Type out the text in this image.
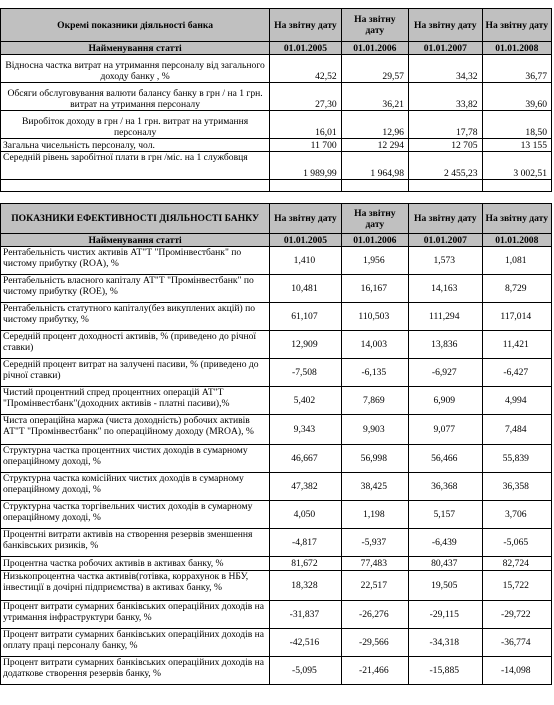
Окремі показники діяльності банка	На звітну дату	На звітну дату	На звітну дату	На звітну дату
Найменування статті	01.01.2005	01.01.2006	01.01.2007	01.01.2008
Відносна частка витрат на утримання персоналу від загального доходу банку , %	42,52	29,57	34,32	36,77
Обсяги обслуговування валюти балансу банку в грн / на 1 грн. витрат на утримання персоналу	27,30	36,21	33,82	39,60
Виробіток доходу в грн / на 1 грн. витрат на утримання персоналу	16,01	12,96	17,78	18,50
Загальна чисельність персоналу, чол.	11 700	12 294	12 705	13 155
Середній рівень заробітної плати в грн /міс. на 1 службовця	1 989,99	1 964,98	2 455,23	3 002,51

ПОКАЗНИКИ ЕФЕКТИВНОСТІ ДІЯЛЬНОСТІ БАНКУ	На звітну дату	На звітну дату	На звітну дату	На звітну дату
Найменування статті	01.01.2005	01.01.2006	01.01.2007	01.01.2008
Рентабельність чистих активів АТ"Т "Промінвестбанк" по чистому прибутку (ROA), %	1,410	1,956	1,573	1,081
Рентабельність власного капіталу АТ"Т "Промінвестбанк" по чистому прибутку (ROE), %	10,481	16,167	14,163	8,729
Рентабельність статутного капіталу(без викуплених акцій) по чистому прибутку, %	61,107	110,503	111,294	117,014
Середній процент доходності активів, % (приведено до річної ставки)	12,909	14,003	13,836	11,421
Середній процент витрат на залучені пасиви, % (приведено до річної ставки)	-7,508	-6,135	-6,927	-6,427
Чистий процентний спред процентних операцій АТ"Т "Промінвестбанк"(доходних активів - платні пасиви),%	5,402	7,869	6,909	4,994
Чиста операційна маржа (чиста доходність) робочих активів АТ"Т "Промінвестбанк" по операційному доходу (MROA), %	9,343	9,903	9,077	7,484
Структурна частка процентних чистих доходів в сумарному операційному доході, %	46,667	56,998	56,466	55,839
Структурна частка комісійних чистих доходів в сумарному операційному доході, %	47,382	38,425	36,368	36,358
Структурна частка торгівельних чистих доходів в сумарному операційному доході, %	4,050	1,198	5,157	3,706
Процентні витрати активів на створення резервів зменшення банківських ризиків, %	-4,817	-5,937	-6,439	-5,065
Процентна частка робочих активів в активах банку, %	81,672	77,483	80,437	82,724
Низькопроцентна частка активів(готівка, коррахунок в НБУ, інвестиції в дочірні підприємства) в активах банку, %	18,328	22,517	19,505	15,722
Процент витрати сумарних банківських операційних доходів на утримання інфраструктури банку, %	-31,837	-26,276	-29,115	-29,722
Процент витрати сумарних банківських операційних доходів на оплату праці персоналу банку, %	-42,516	-29,566	-34,318	-36,774
Процент витрати сумарних банківських операційних доходів на додаткове створення резервів банку, %	-5,095	-21,466	-15,885	-14,098
